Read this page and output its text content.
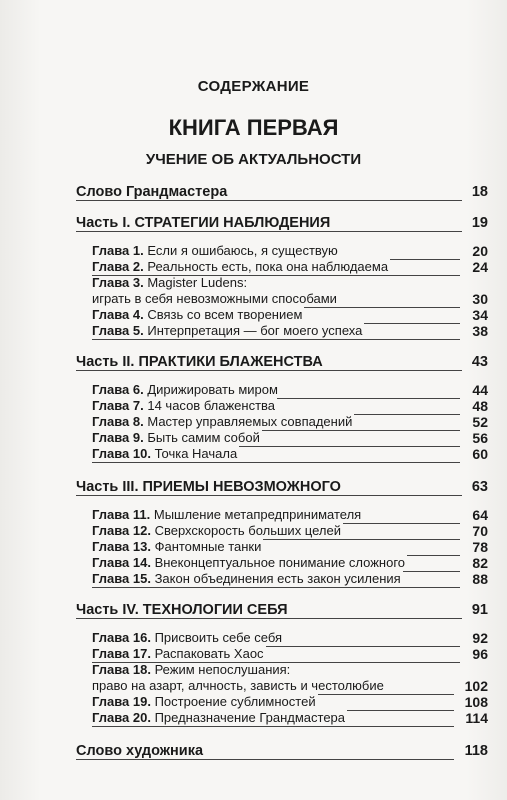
СОДЕРЖАНИЕ
КНИГА ПЕРВАЯ
УЧЕНИЕ ОБ АКТУАЛЬНОСТИ
Слово Грандмастера	18
Часть I. СТРАТЕГИИ НАБЛЮДЕНИЯ	19
Глава 1. Если я ошибаюсь, я существую	20
Глава 2. Реальность есть, пока она наблюдаема	24
Глава 3. Magister Ludens:
играть в себя невозможными способами	30
Глава 4. Связь со всем творением	34
Глава 5. Интерпретация — бог моего успеха	38
Часть II. ПРАКТИКИ БЛАЖЕНСТВА	43
Глава 6. Дирижировать миром	44
Глава 7. 14 часов блаженства	48
Глава 8. Мастер управляемых совпадений	52
Глава 9. Быть самим собой	56
Глава 10. Точка Начала	60
Часть III. ПРИЕМЫ НЕВОЗМОЖНОГО	63
Глава 11. Мышление метапредпринимателя	64
Глава 12. Сверхскорость больших целей	70
Глава 13. Фантомные танки	78
Глава 14. Внеконцептуальное понимание сложного	82
Глава 15. Закон объединения есть закон усиления	88
Часть IV. ТЕХНОЛОГИИ СЕБЯ	91
Глава 16. Присвоить себе себя	92
Глава 17. Распаковать Хаос	96
Глава 18. Режим непослушания:
право на азарт, алчность, зависть и честолюбие	102
Глава 19. Построение сублимностей	108
Глава 20. Предназначение Грандмастера	114
Слово художника	118
